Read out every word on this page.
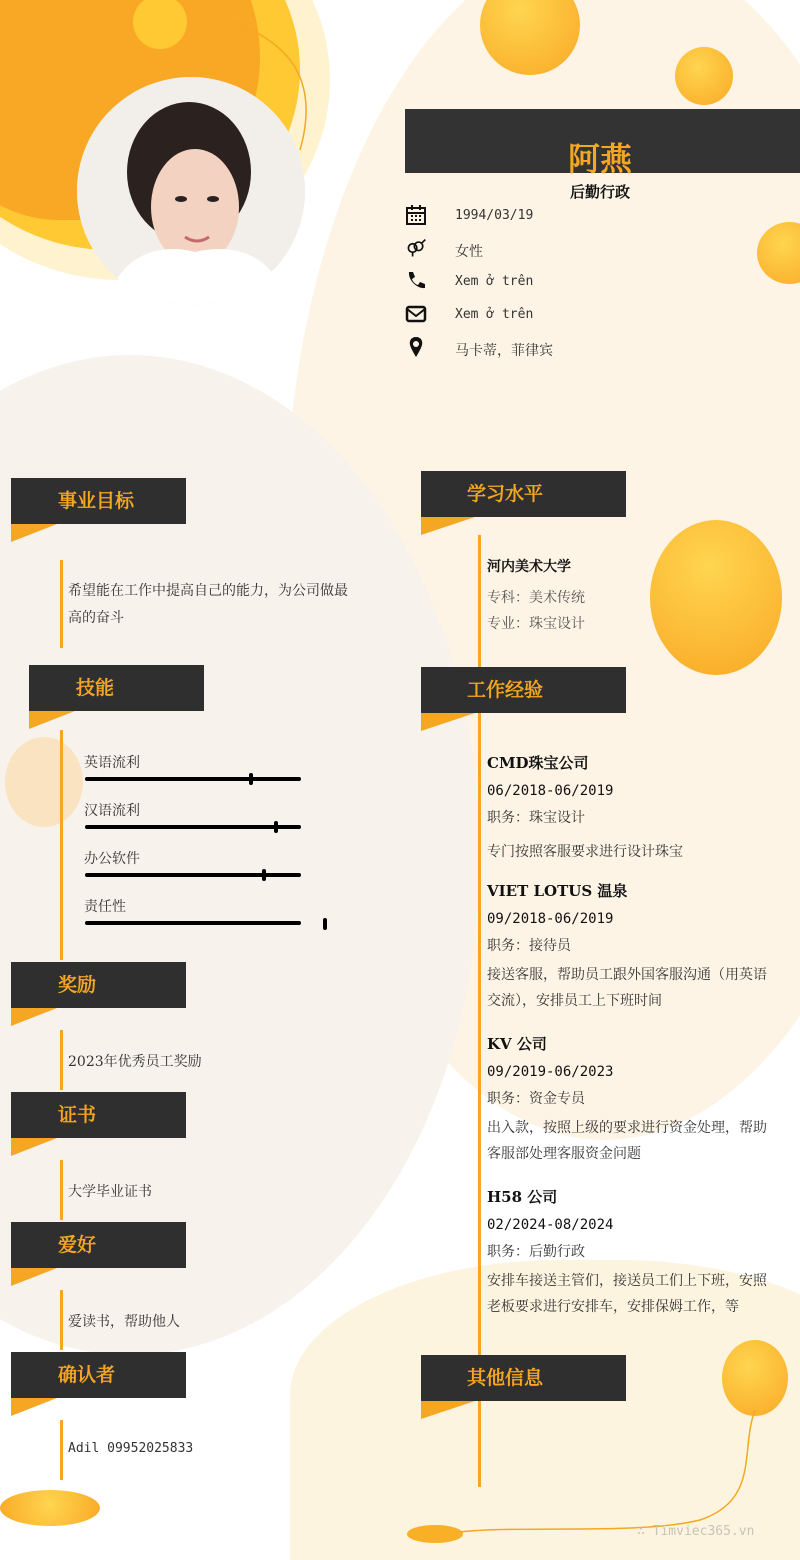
阿燕
后勤行政
1994/03/19
女性
Xem ở trên
Xem ở trên
马卡蒂，菲律宾
事业目标
希望能在工作中提高自己的能力，为公司做最高的奋斗
技能
英语流利
汉语流利
办公软件
责任性
奖励
2023年优秀员工奖励
证书
大学毕业证书
爱好
爱读书，帮助他人
确认者
Adil 09952025833
学习水平
河内美术大学
专科：美术传统
专业：珠宝设计
工作经验
CMD珠宝公司
06/2018-06/2019
职务：珠宝设计
专门按照客服要求进行设计珠宝
VIET LOTUS 温泉
09/2018-06/2019
职务：接待员
接送客服，帮助员工跟外国客服沟通（用英语交流），安排员工上下班时间
KV 公司
09/2019-06/2023
职务：资金专员
出入款，按照上级的要求进行资金处理，帮助客服部处理客服资金问题
H58 公司
02/2024-08/2024
职务：后勤行政
安排车接送主管们，接送员工们上下班，安照老板要求进行安排车，安排保姆工作，等
其他信息
∴ Timviec365.vn
